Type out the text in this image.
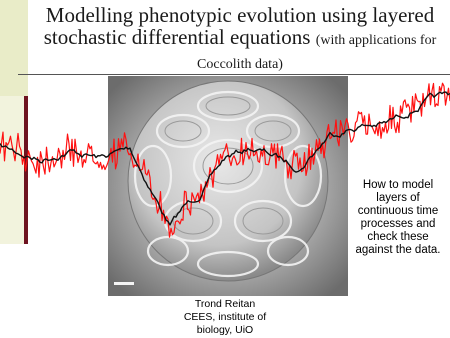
Modelling phenotypic evolution using layered stochastic differential equations (with applications for Coccolith data)
How to model layers of continuous time processes and check these against the data.
Trond Reitan
CEES, institute of
biology, UiO
